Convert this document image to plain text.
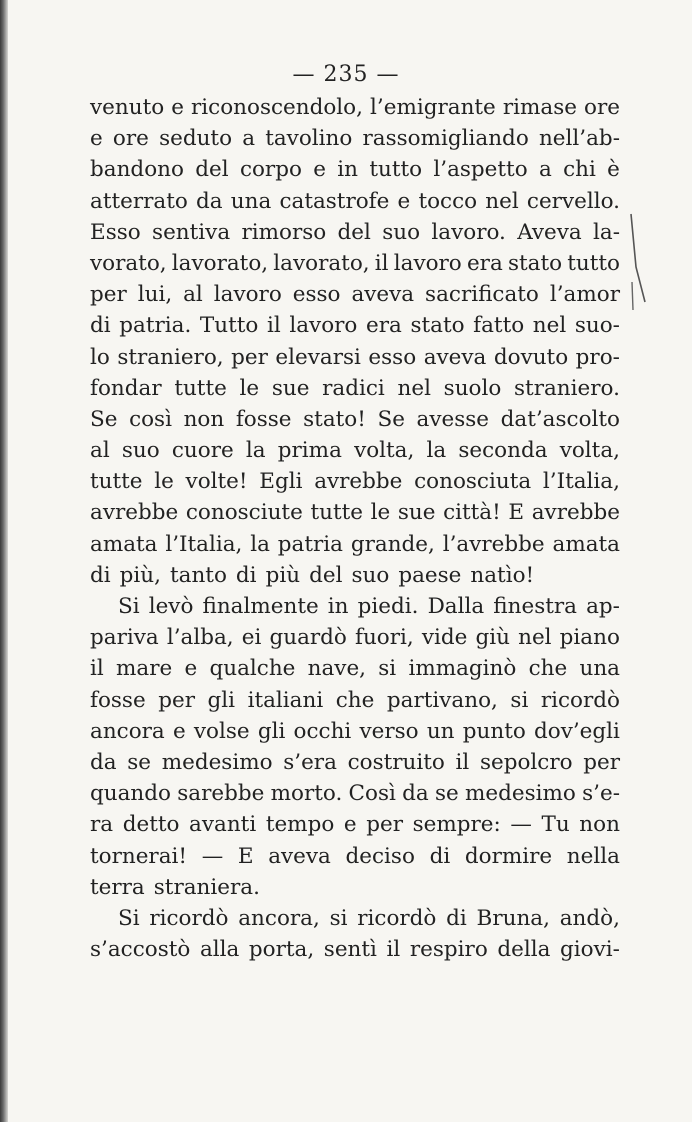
— 235 —
venuto e riconoscendolo, l’emigrante rimase ore
e ore seduto a tavolino rassomigliando nell’ab-
bandono del corpo e in tutto l’aspetto a chi è
atterrato da una catastrofe e tocco nel cervello.
Esso sentiva rimorso del suo lavoro. Aveva la-
vorato, lavorato, lavorato, il lavoro era stato tutto
per lui, al lavoro esso aveva sacrificato l’amor
di patria. Tutto il lavoro era stato fatto nel suo-
lo straniero, per elevarsi esso aveva dovuto pro-
fondar tutte le sue radici nel suolo straniero.
Se così non fosse stato! Se avesse dat’ascolto
al suo cuore la prima volta, la seconda volta,
tutte le volte! Egli avrebbe conosciuta l’Italia,
avrebbe conosciute tutte le sue città! E avrebbe
amata l’Italia, la patria grande, l’avrebbe amata
di più, tanto di più del suo paese natìo!
Si levò finalmente in piedi. Dalla finestra ap-
pariva l’alba, ei guardò fuori, vide giù nel piano
il mare e qualche nave, si immaginò che una
fosse per gli italiani che partivano, si ricordò
ancora e volse gli occhi verso un punto dov’egli
da se medesimo s’era costruito il sepolcro per
quando sarebbe morto. Così da se medesimo s’e-
ra detto avanti tempo e per sempre: — Tu non
tornerai! — E aveva deciso di dormire nella
terra straniera.
Si ricordò ancora, si ricordò di Bruna, andò,
s’accostò alla porta, sentì il respiro della giovi-
